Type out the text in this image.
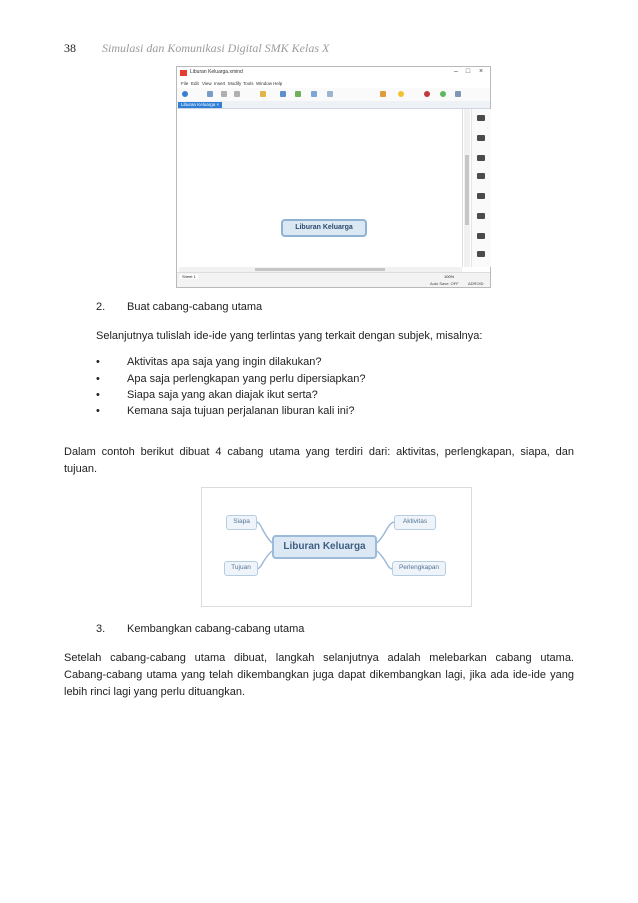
38 Simulasi dan Komunikasi Digital SMK Kelas X
Liburan Keluarga.xmind	–	□	×
File Edit View Insert Modify Tools Window Help
Liburan Keluarga ×
Liburan Keluarga
Sheet 1	100%
Auto Save: OFF ADROID
2. Buat cabang-cabang utama
Selanjutnya tulislah ide-ide yang terlintas yang terkait dengan subjek, misalnya:
• Aktivitas apa saja yang ingin dilakukan?
• Apa saja perlengkapan yang perlu dipersiapkan?
• Siapa saja yang akan diajak ikut serta?
• Kemana saja tujuan perjalanan liburan kali ini?
Dalam contoh berikut dibuat 4 cabang utama yang terdiri dari: aktivitas, perlengkapan, siapa, dan
tujuan.
Liburan Keluarga
Siapa	Aktivitas
Tujuan	Perlengkapan
3. Kembangkan cabang-cabang utama
Setelah cabang-cabang utama dibuat, langkah selanjutnya adalah melebarkan cabang utama.
Cabang-cabang utama yang telah dikembangkan juga dapat dikembangkan lagi, jika ada ide-ide yang
lebih rinci lagi yang perlu dituangkan.
